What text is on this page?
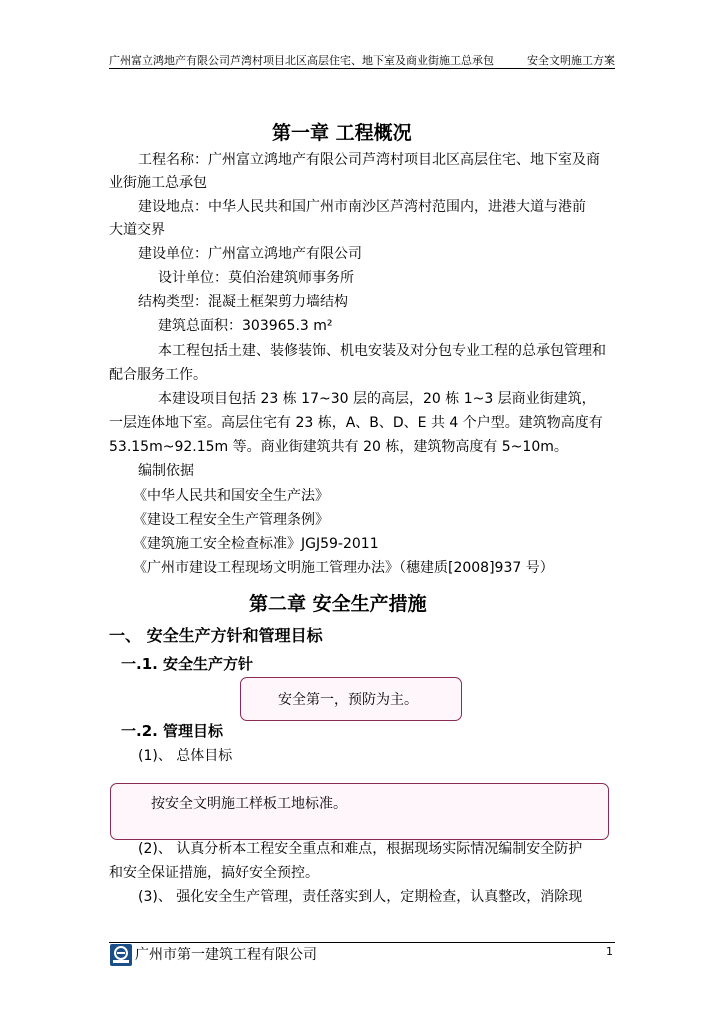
广州富立鸿地产有限公司芦湾村项目北区高层住宅、地下室及商业街施工总承包	安全文明施工方案
第一章 工程概况
工程名称：广州富立鸿地产有限公司芦湾村项目北区高层住宅、地下室及商
业街施工总承包
建设地点：中华人民共和国广州市南沙区芦湾村范围内，进港大道与港前
大道交界
建设单位：广州富立鸿地产有限公司
设计单位：莫伯治建筑师事务所
结构类型：混凝土框架剪力墙结构
建筑总面积：303965.3 m²
本工程包括土建、装修装饰、机电安装及对分包专业工程的总承包管理和
配合服务工作。
本建设项目包括 23 栋 17~30 层的高层，20 栋 1~3 层商业街建筑，
一层连体地下室。高层住宅有 23 栋，A、B、D、E 共 4 个户型。建筑物高度有
53.15m~92.15m 等。商业街建筑共有 20 栋，建筑物高度有 5~10m。
编制依据
《中华人民共和国安全生产法》
《建设工程安全生产管理条例》
《建筑施工安全检查标准》JGJ59-2011
《广州市建设工程现场文明施工管理办法》（穗建质[2008]937 号）
第二章 安全生产措施
一、 安全生产方针和管理目标
一.1. 安全生产方针
安全第一，预防为主。
一.2. 管理目标
(1)、 总体目标
按安全文明施工样板工地标准。
(2)、 认真分析本工程安全重点和难点，根据现场实际情况编制安全防护
和安全保证措施，搞好安全预控。
(3)、 强化安全生产管理，责任落实到人，定期检查，认真整改，消除现
广州市第一建筑工程有限公司	1
